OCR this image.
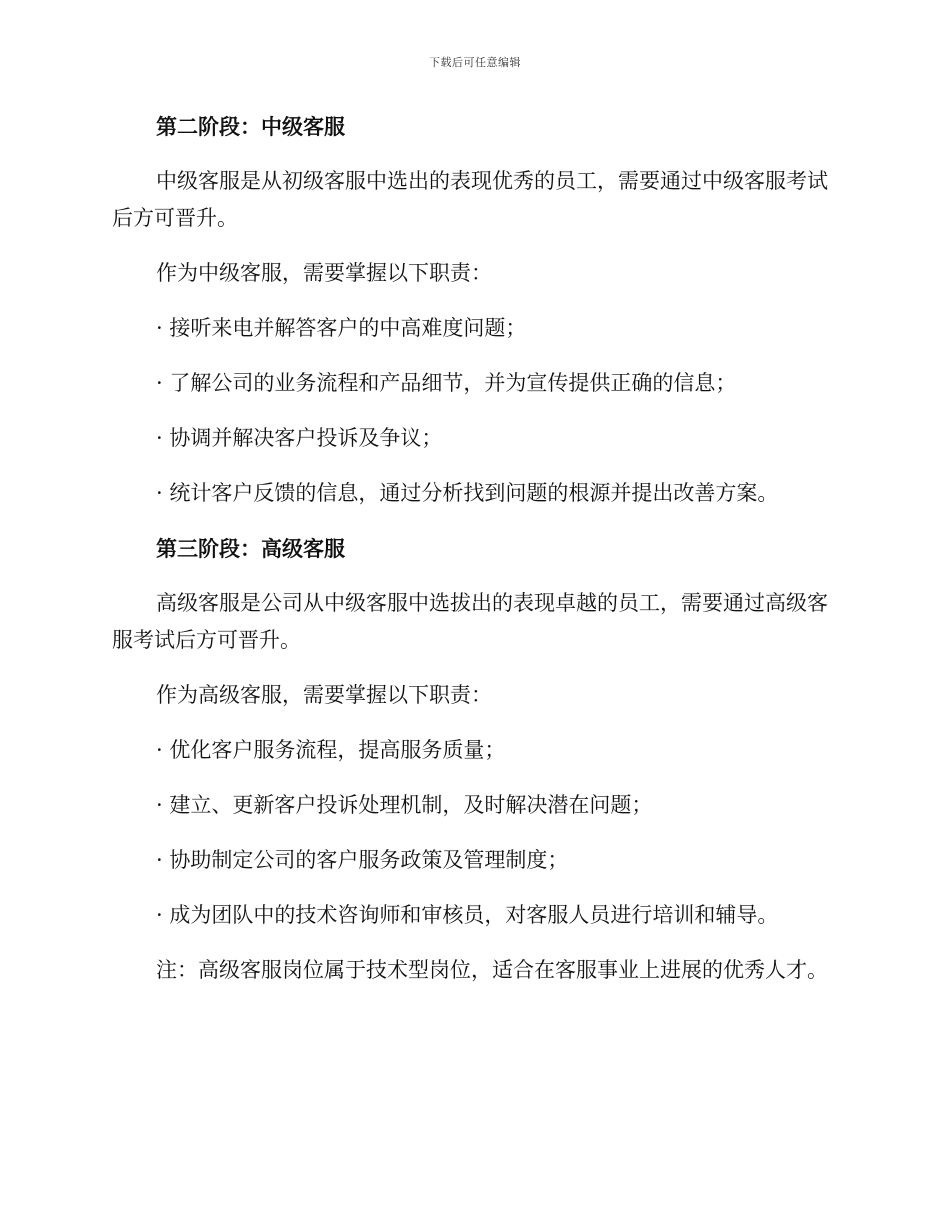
下载后可任意编辑
第二阶段：中级客服
中级客服是从初级客服中选出的表现优秀的员工，需要通过中级客服考试后方可晋升。
作为中级客服，需要掌握以下职责：
· 接听来电并解答客户的中高难度问题；
· 了解公司的业务流程和产品细节，并为宣传提供正确的信息；
· 协调并解决客户投诉及争议；
· 统计客户反馈的信息，通过分析找到问题的根源并提出改善方案。
第三阶段：高级客服
高级客服是公司从中级客服中选拔出的表现卓越的员工，需要通过高级客服考试后方可晋升。
作为高级客服，需要掌握以下职责：
· 优化客户服务流程，提高服务质量；
· 建立、更新客户投诉处理机制，及时解决潜在问题；
· 协助制定公司的客户服务政策及管理制度；
· 成为团队中的技术咨询师和审核员，对客服人员进行培训和辅导。
注：高级客服岗位属于技术型岗位，适合在客服事业上进展的优秀人才。
